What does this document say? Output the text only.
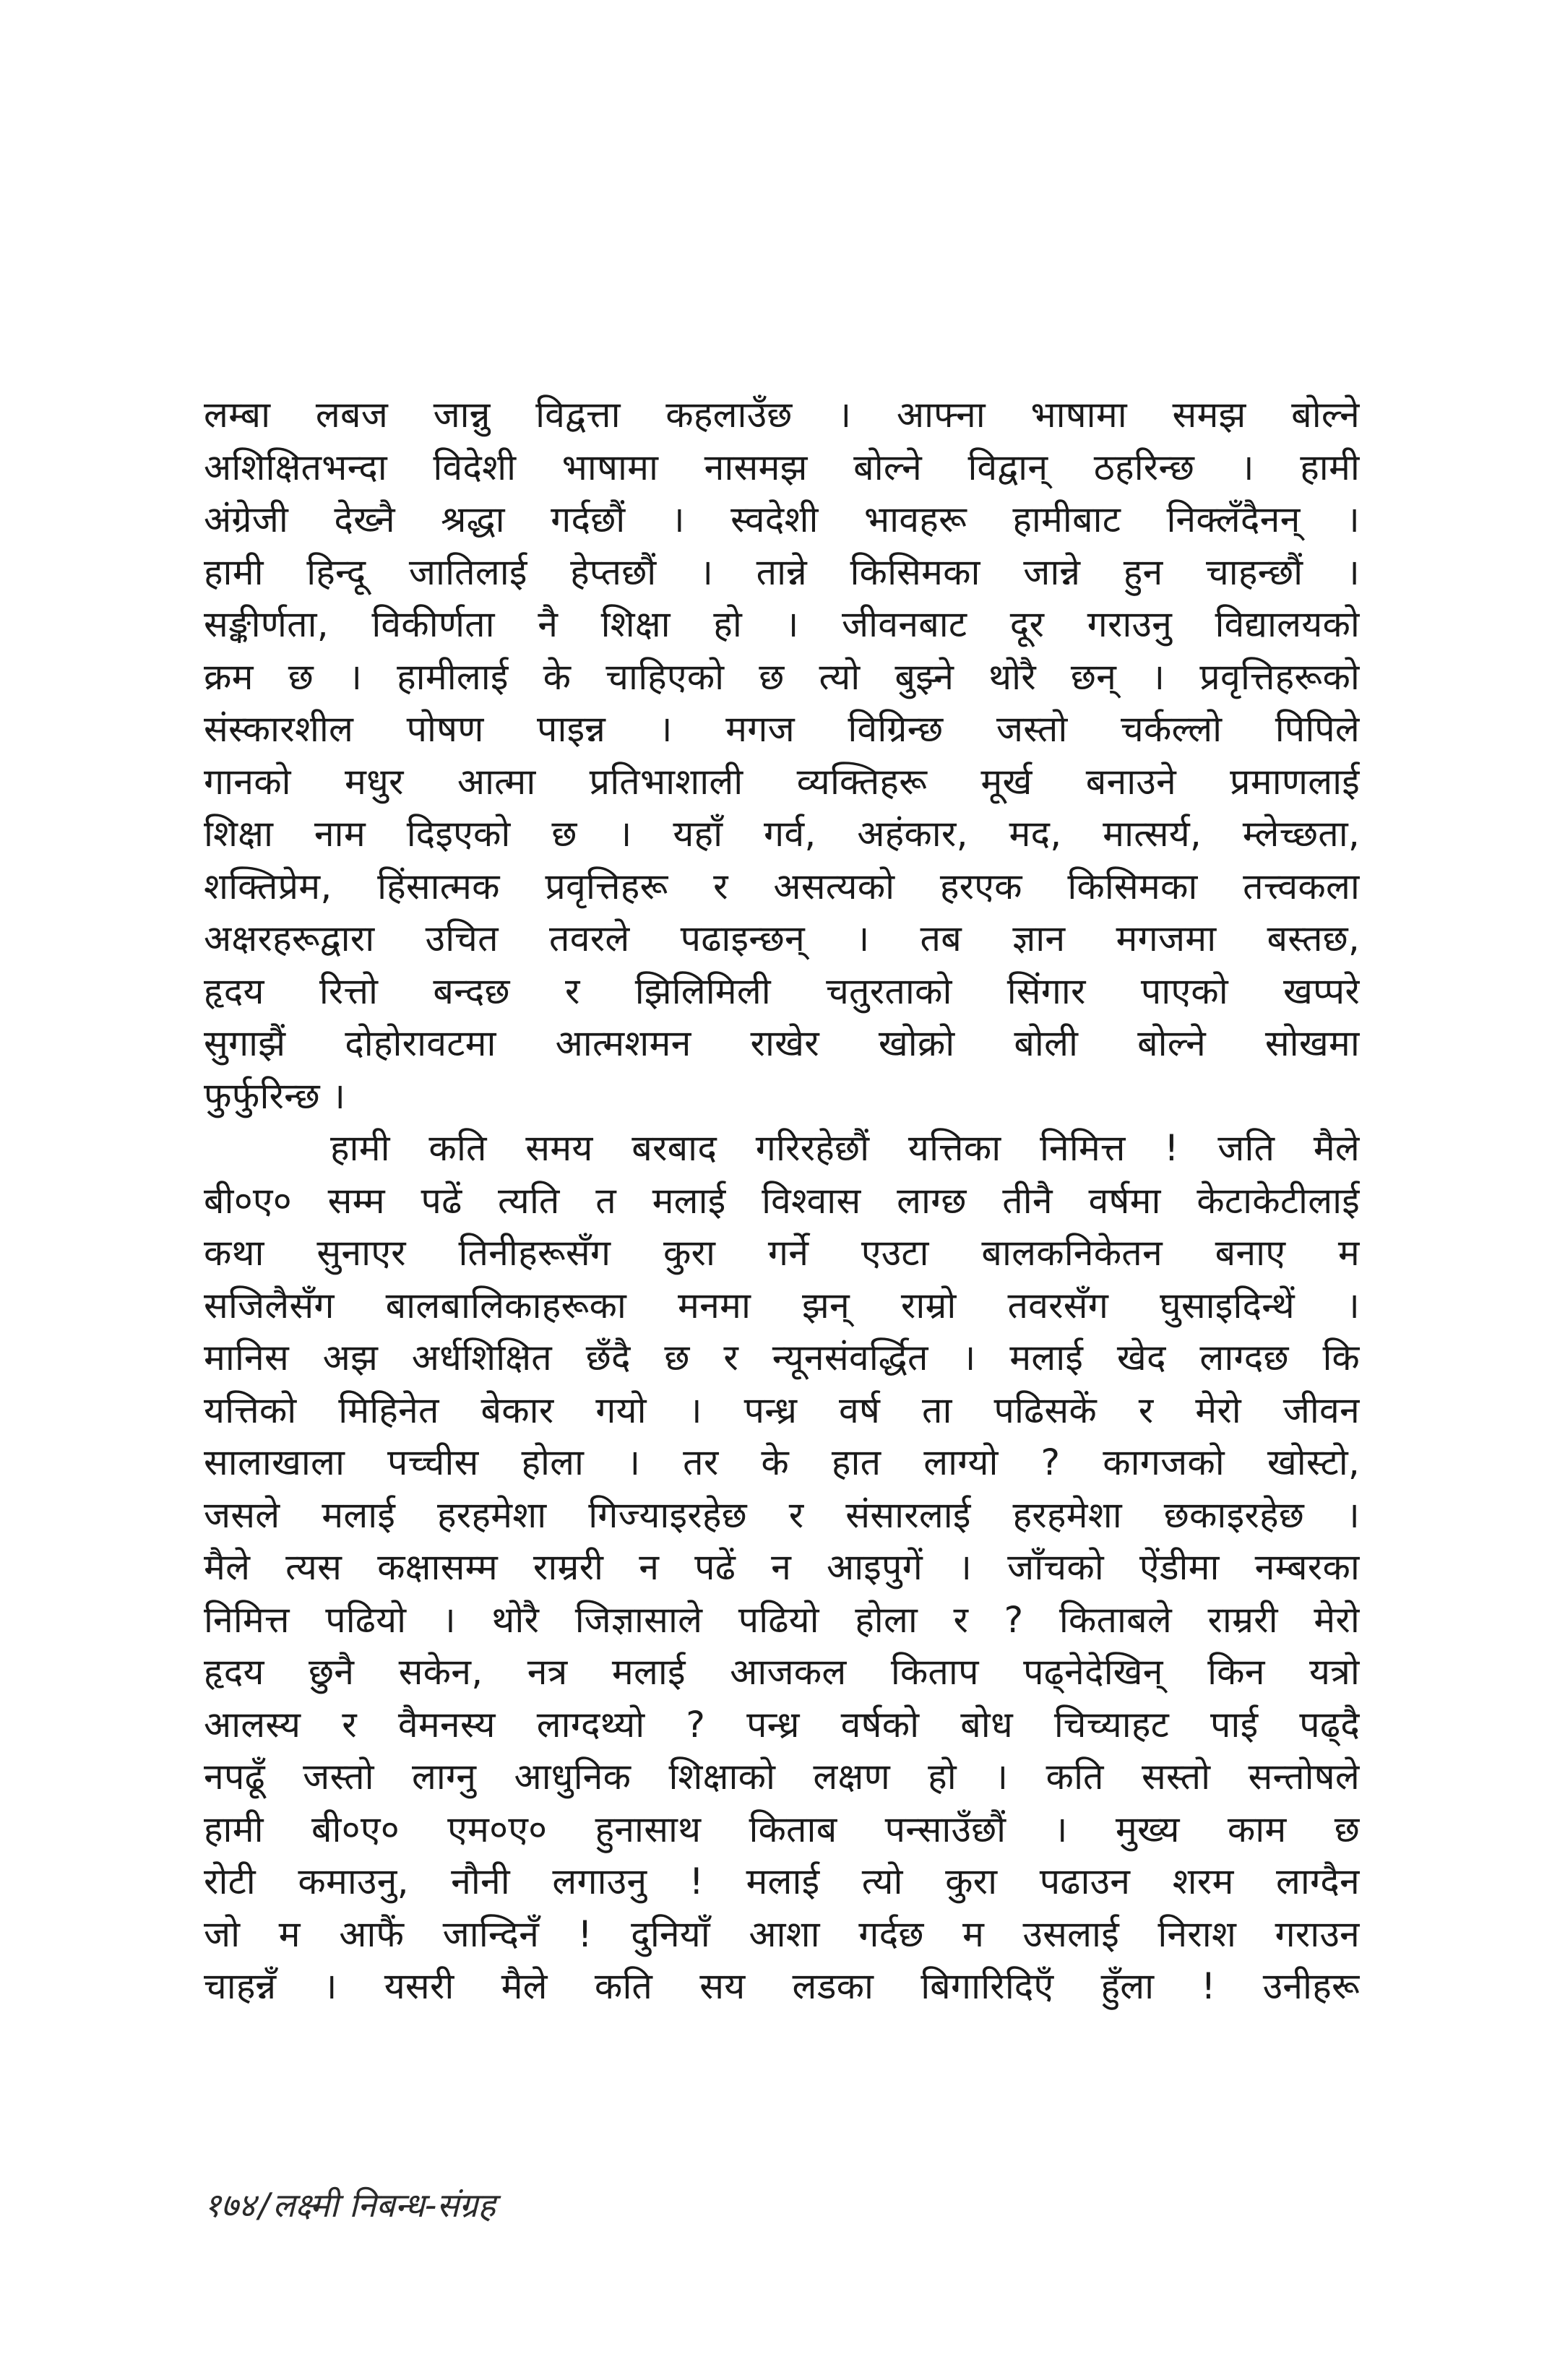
लम्बा लबज जान्नु विद्वत्ता कहलाउँछ । आफ्ना भाषामा समझ बोल्ने
अशिक्षितभन्दा विदेशी भाषामा नासमझ बोल्ने विद्वान् ठहरिन्छ । हामी
अंग्रेजी देख्नै श्रद्धा गर्दछौं । स्वदेशी भावहरू हामीबाट निक्लँदैनन् ।
हामी हिन्दू जातिलाई हेप्तछौं । तान्ने किसिमका जान्ने हुन चाहन्छौं ।
सङ्कीर्णता, विकीर्णता नै शिक्षा हो । जीवनबाट दूर गराउनु विद्यालयको
क्रम छ । हामीलाई के चाहिएको छ त्यो बुझ्ने थोरै छन् । प्रवृत्तिहरूको
संस्कारशील पोषण पाइन्न । मगज विग्रिन्छ जस्तो चर्कल्लो पिपिले
गानको मधुर आत्मा प्रतिभाशाली व्यक्तिहरू मूर्ख बनाउने प्रमाणलाई
शिक्षा नाम दिइएको छ । यहाँ गर्व, अहंकार, मद, मात्सर्य, म्लेच्छता,
शक्तिप्रेम, हिंसात्मक प्रवृत्तिहरू र असत्यको हरएक किसिमका तत्त्वकला
अक्षरहरूद्वारा उचित तवरले पढाइन्छन् । तब ज्ञान मगजमा बस्तछ,
हृदय रित्तो बन्दछ र झिलिमिली चतुरताको सिंगार पाएको खप्परे
सुगाझैं दोहोरावटमा आत्मशमन राखेर खोक्रो बोली बोल्ने सोखमा
फुर्फुरिन्छ ।
हामी कति समय बरबाद गरिरहेछौं यत्तिका निमित्त ! जति मैले
बी०ए० सम्म पढें त्यति त मलाई विश्वास लाग्छ तीनै वर्षमा केटाकेटीलाई
कथा सुनाएर तिनीहरूसँग कुरा गर्ने एउटा बालकनिकेतन बनाए म
सजिलैसँग बालबालिकाहरूका मनमा झन् राम्रो तवरसँग घुसाइदिन्थें ।
मानिस अझ अर्धशिक्षित छँदै छ र न्यूनसंवर्द्धित । मलाई खेद लाग्दछ कि
यत्तिको मिहिनेत बेकार गयो । पन्ध्र वर्ष ता पढिसकें र मेरो जीवन
सालाखाला पच्चीस होला । तर के हात लाग्यो ? कागजको खोस्टो,
जसले मलाई हरहमेशा गिज्याइरहेछ र संसारलाई हरहमेशा छकाइरहेछ ।
मैले त्यस कक्षासम्म राम्ररी न पढें न आइपुगें । जाँचको ऐंडीमा नम्बरका
निमित्त पढियो । थोरै जिज्ञासाले पढियो होला र ? किताबले राम्ररी मेरो
हृदय छुनै सकेन, नत्र मलाई आजकल किताप पढ्नेदेखिन् किन यत्रो
आलस्य र वैमनस्य लाग्दथ्यो ? पन्ध्र वर्षको बोध चिच्याहट पाई पढ्दै
नपढूँ जस्तो लाग्नु आधुनिक शिक्षाको लक्षण हो । कति सस्तो सन्तोषले
हामी बी०ए० एम०ए० हुनासाथ किताब पन्साउँछौं । मुख्य काम छ
रोटी कमाउनु, नौनी लगाउनु ! मलाई त्यो कुरा पढाउन शरम लाग्दैन
जो म आफैं जान्दिनँ ! दुनियाँ आशा गर्दछ म उसलाई निराश गराउन
चाहन्नँ । यसरी मैले कति सय लडका बिगारिदिएँ हुँला ! उनीहरू
१७४/लक्ष्मी निबन्ध-संग्रह
